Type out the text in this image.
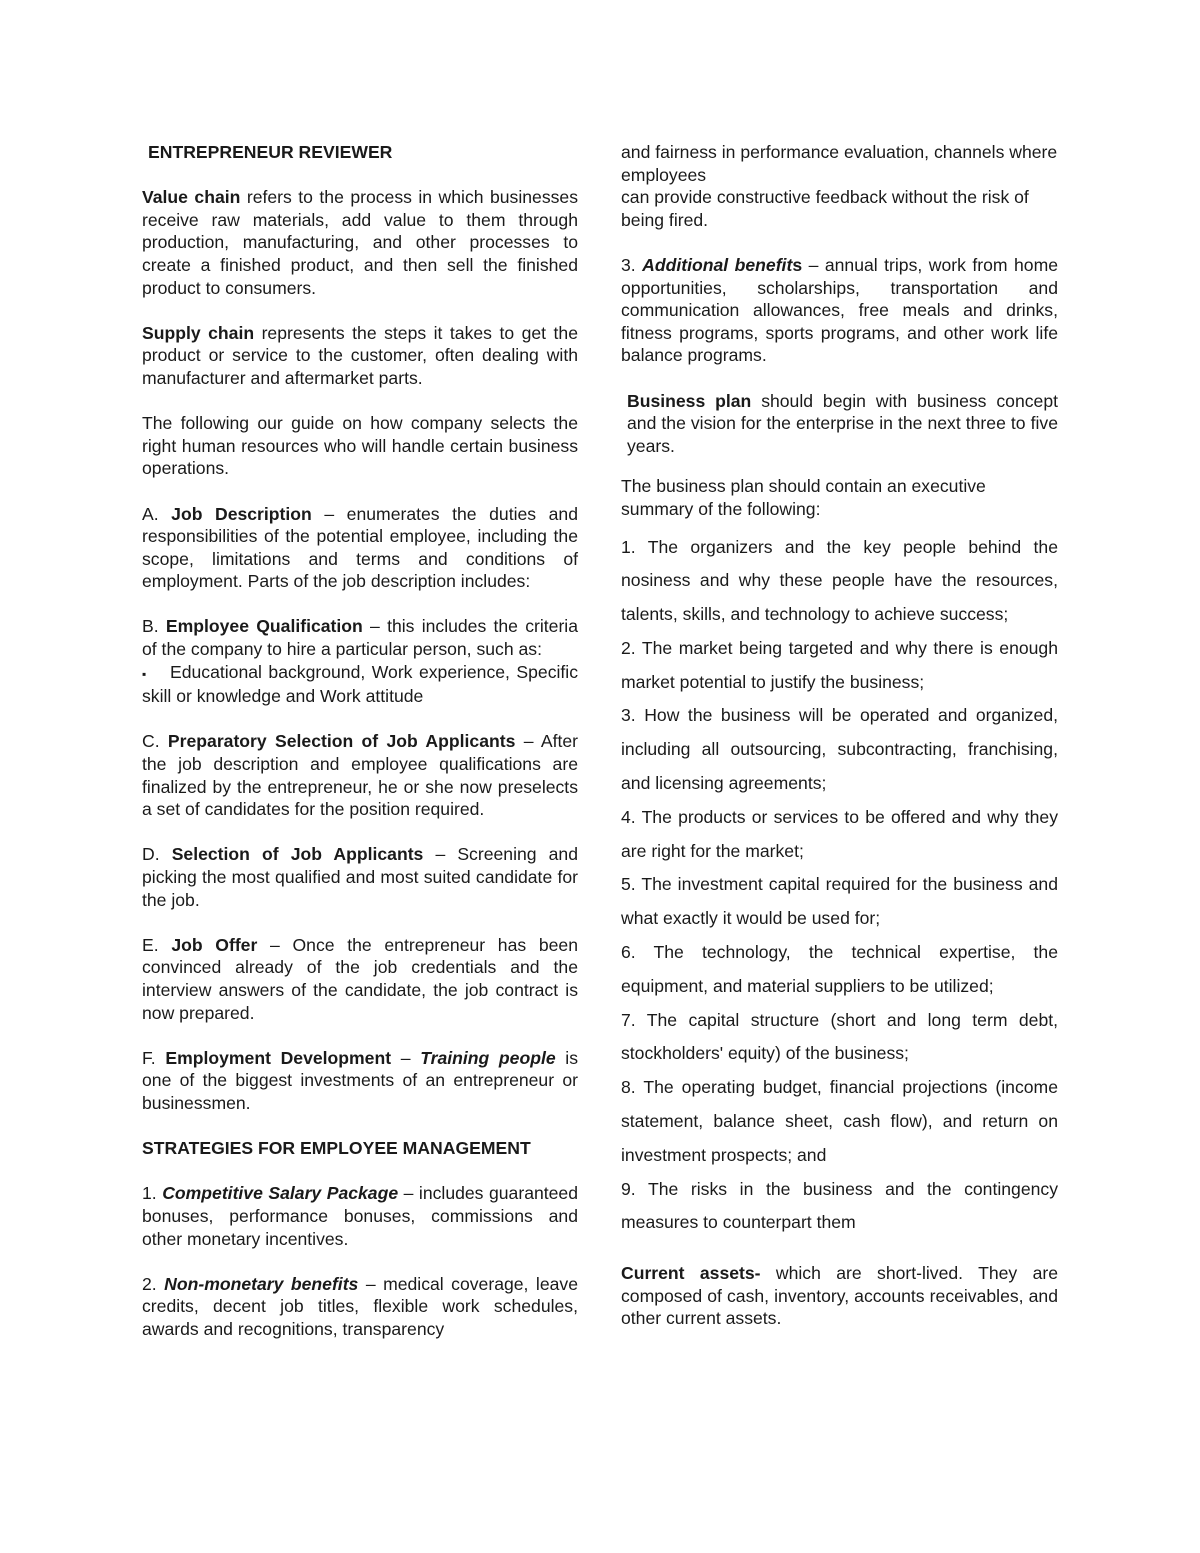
ENTREPRENEUR REVIEWER

Value chain refers to the process in which businesses receive raw materials, add value to them through production, manufacturing, and other processes to create a finished product, and then sell the finished product to consumers.

Supply chain represents the steps it takes to get the product or service to the customer, often dealing with manufacturer and aftermarket parts.

The following our guide on how company selects the right human resources who will handle certain business operations.

A. Job Description – enumerates the duties and responsibilities of the potential employee, including the scope, limitations and terms and conditions of employment. Parts of the job description includes:

B. Employee Qualification – this includes the criteria of the company to hire a particular person, such as:

▪ Educational background, Work experience, Specific skill or knowledge and Work attitude

C. Preparatory Selection of Job Applicants – After the job description and employee qualifications are finalized by the entrepreneur, he or she now preselects a set of candidates for the position required.

D. Selection of Job Applicants – Screening and picking the most qualified and most suited candidate for the job.

E. Job Offer – Once the entrepreneur has been convinced already of the job credentials and the interview answers of the candidate, the job contract is now prepared.

F. Employment Development – Training people is one of the biggest investments of an entrepreneur or businessmen.

STRATEGIES FOR EMPLOYEE MANAGEMENT

1. Competitive Salary Package – includes guaranteed bonuses, performance bonuses, commissions and other monetary incentives.

2. Non-monetary benefits – medical coverage, leave credits, decent job titles, flexible work schedules, awards and recognitions, transparency

and fairness in performance evaluation, channels where employees

can provide constructive feedback without the risk of being fired.

3. Additional benefits – annual trips, work from home opportunities, scholarships, transportation and communication allowances, free meals and drinks, fitness programs, sports programs, and other work life balance programs.

Business plan should begin with business concept and the vision for the enterprise in the next three to five years.

The business plan should contain an executive summary of the following:

1. The organizers and the key people behind the nosiness and why these people have the resources, talents, skills, and technology to achieve success;

2. The market being targeted and why there is enough market potential to justify the business;

3. How the business will be operated and organized, including all outsourcing, subcontracting, franchising, and licensing agreements;

4. The products or services to be offered and why they are right for the market;

5. The investment capital required for the business and what exactly it would be used for;

6. The technology, the technical expertise, the equipment, and material suppliers to be utilized;

7. The capital structure (short and long term debt, stockholders' equity) of the business;

8. The operating budget, financial projections (income statement, balance sheet, cash flow), and return on investment prospects; and

9. The risks in the business and the contingency measures to counterpart them

Current assets- which are short-lived. They are composed of cash, inventory, accounts receivables, and other current assets.
